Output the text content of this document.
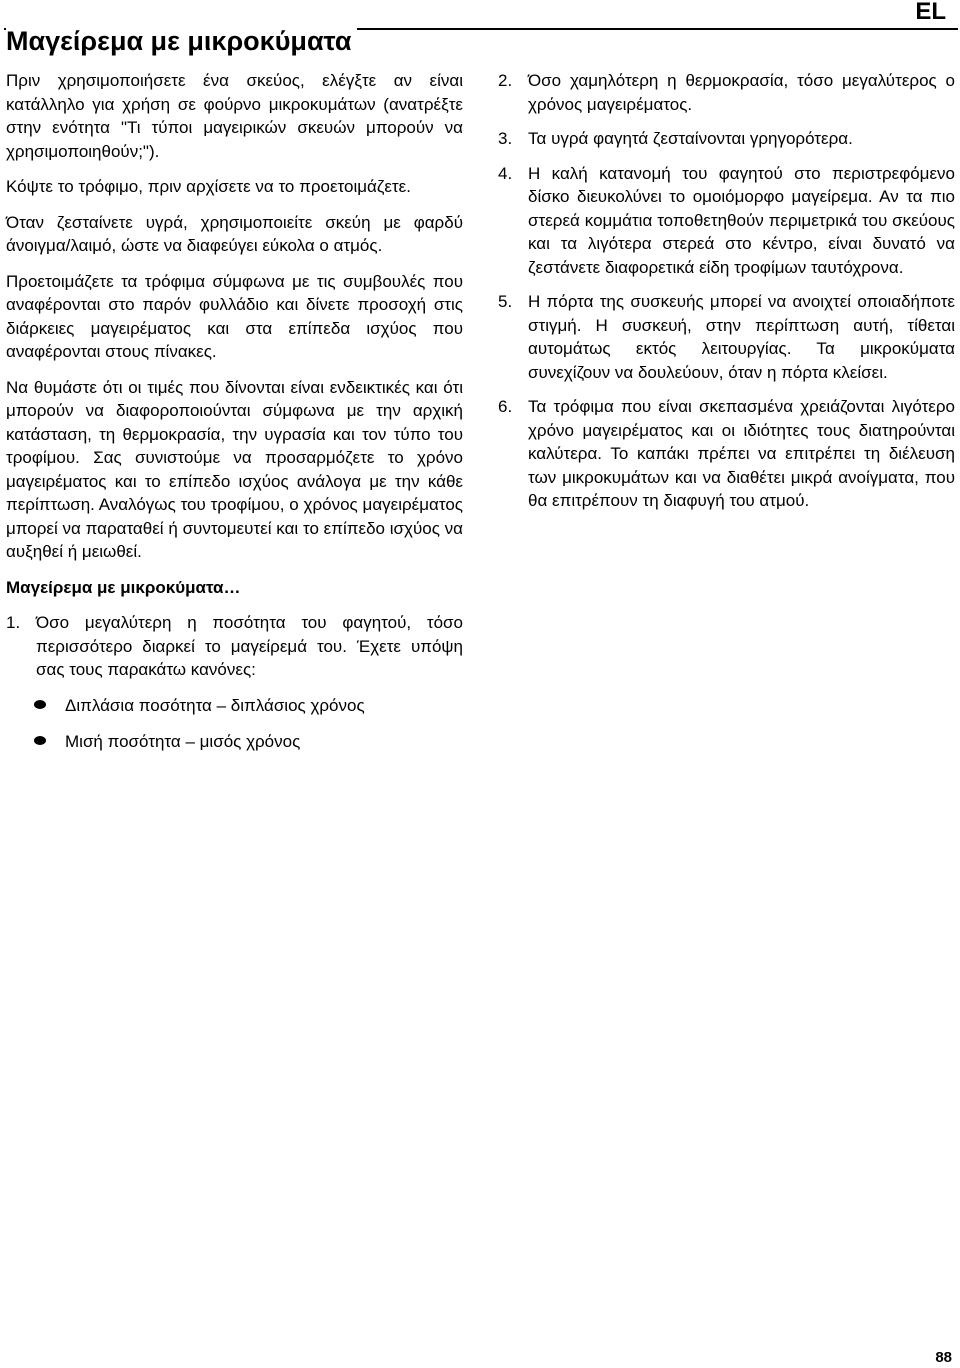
EL
Μαγείρεμα με μικροκύματα

Πριν χρησιμοποιήσετε ένα σκεύος, ελέγξτε αν είναι κατάλληλο για χρήση σε φούρνο μικροκυμάτων (ανατρέξτε στην ενότητα "Τι τύποι μαγειρικών σκευών μπορούν να χρησιμοποιηθούν;").

Κόψτε το τρόφιμο, πριν αρχίσετε να το προετοιμάζετε.

Όταν ζεσταίνετε υγρά, χρησιμοποιείτε σκεύη με φαρδύ άνοιγμα/λαιμό, ώστε να διαφεύγει εύκολα ο ατμός.

Προετοιμάζετε τα τρόφιμα σύμφωνα με τις συμβουλές που αναφέρονται στο παρόν φυλλάδιο και δίνετε προσοχή στις διάρκειες μαγειρέματος και στα επίπεδα ισχύος που αναφέρονται στους πίνακες.

Να θυμάστε ότι οι τιμές που δίνονται είναι ενδεικτικές και ότι μπορούν να διαφοροποιούνται σύμφωνα με την αρχική κατάσταση, τη θερμοκρασία, την υγρασία και τον τύπο του τροφίμου. Σας συνιστούμε να προσαρμόζετε το χρόνο μαγειρέματος και το επίπεδο ισχύος ανάλογα με την κάθε περίπτωση. Αναλόγως του τροφίμου, ο χρόνος μαγειρέματος μπορεί να παραταθεί ή συντομευτεί και το επίπεδο ισχύος να αυξηθεί ή μειωθεί.

Μαγείρεμα με μικροκύματα…
1. Όσο μεγαλύτερη η ποσότητα του φαγητού, τόσο περισσότερο διαρκεί το μαγείρεμά του. Έχετε υπόψη σας τους παρακάτω κανόνες:
Διπλάσια ποσότητα – διπλάσιος χρόνος
Μισή ποσότητα – μισός χρόνος
2. Όσο χαμηλότερη η θερμοκρασία, τόσο μεγαλύτερος ο χρόνος μαγειρέματος.
3. Τα υγρά φαγητά ζεσταίνονται γρηγορότερα.
4. Η καλή κατανομή του φαγητού στο περιστρεφόμενο δίσκο διευκολύνει το ομοιόμορφο μαγείρεμα. Αν τα πιο στερεά κομμάτια τοποθετηθούν περιμετρικά του σκεύους και τα λιγότερα στερεά στο κέντρο, είναι δυνατό να ζεστάνετε διαφορετικά είδη τροφίμων ταυτόχρονα.
5. Η πόρτα της συσκευής μπορεί να ανοιχτεί οποιαδήποτε στιγμή. Η συσκευή, στην περίπτωση αυτή, τίθεται αυτομάτως εκτός λειτουργίας. Τα μικροκύματα συνεχίζουν να δουλεύουν, όταν η πόρτα κλείσει.
6. Τα τρόφιμα που είναι σκεπασμένα χρειάζονται λιγότερο χρόνο μαγειρέματος και οι ιδιότητες τους διατηρούνται καλύτερα. Το καπάκι πρέπει να επιτρέπει τη διέλευση των μικροκυμάτων και να διαθέτει μικρά ανοίγματα, που θα επιτρέπουν τη διαφυγή του ατμού.
88
